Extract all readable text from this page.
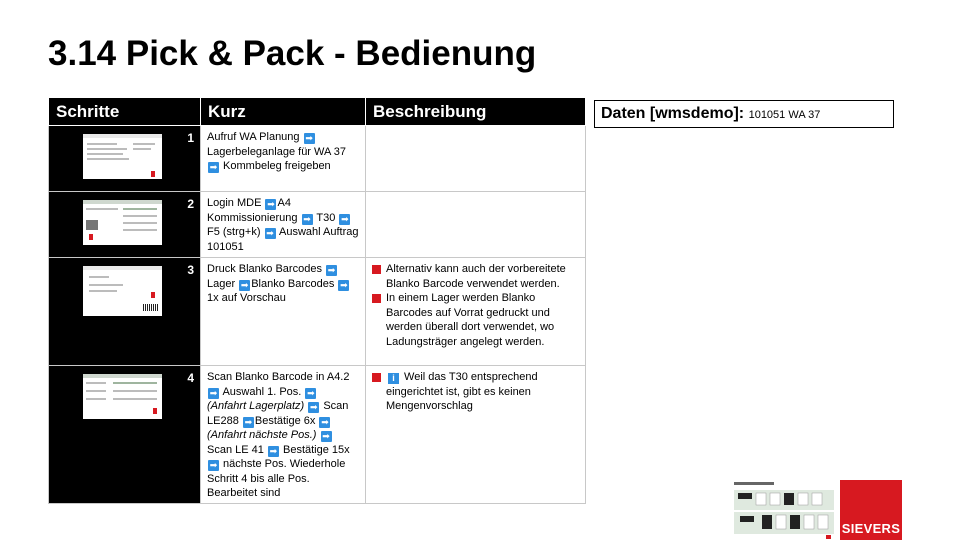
3.14 Pick & Pack - Bedienung
Schritte	Kurz	Beschreibung

1	Aufruf WA Planung ➡ Lagerbeleganlage für WA 37 ➡ Kommbeleg freigeben	

2	Login MDE ➡ A4 Kommissionierung ➡ T30 ➡F5 (strg+k) ➡ Auswahl Auftrag 101051	

3	Druck Blanko Barcodes ➡ Lager ➡ Blanko Barcodes ➡ 1x auf Vorschau	Alternativ kann auch der vorbereitete Blanko Barcode verwendet werden.
In einem Lager werden Blanko Barcodes auf Vorrat gedruckt und werden überall dort verwendet, wo Ladungsträger angelegt werden.

4	Scan Blanko Barcode in A4.2 ➡ Auswahl 1. Pos. ➡ (Anfahrt Lagerplatz) ➡ Scan LE288 ➡ Bestätige 6x ➡ (Anfahrt nächste Pos.) ➡ Scan LE 41 ➡ Bestätige 15x ➡ nächste Pos. Wiederhole Schritt 4 bis alle Pos. Bearbeitet sind	i Weil das T30 entsprechend eingerichtet ist, gibt es keinen Mengenvorschlag
Daten [wmsdemo]: 101051 WA 37
SIEVERS
